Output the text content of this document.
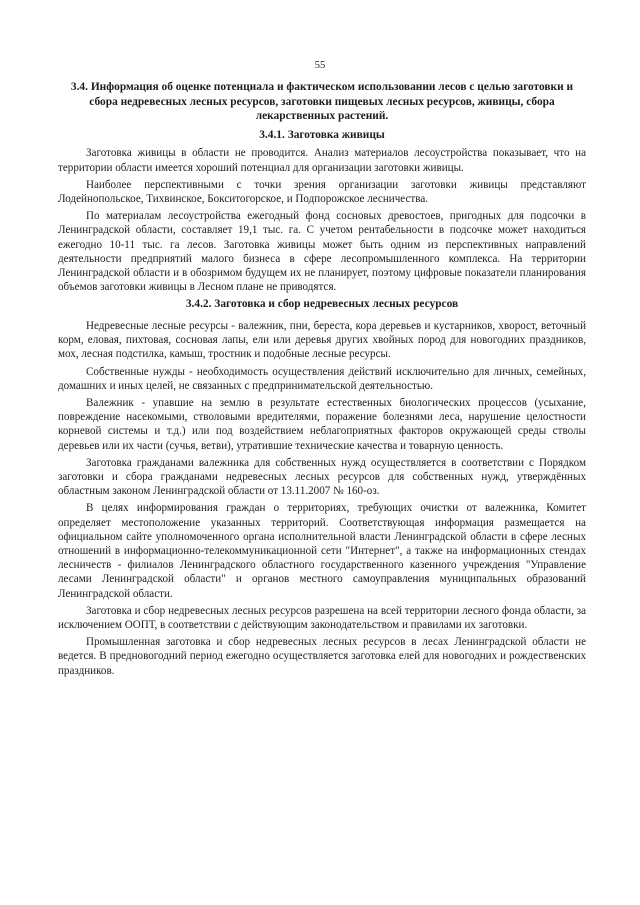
55
3.4. Информация об оценке потенциала и фактическом использовании лесов с целью заготовки и сбора недревесных лесных ресурсов, заготовки пищевых лесных ресурсов, живицы, сбора лекарственных растений.
3.4.1. Заготовка живицы

Заготовка живицы в области не проводится. Анализ материалов лесоустройства показывает, что на территории области имеется хороший потенциал для организации заготовки живицы.

Наиболее перспективными с точки зрения организации заготовки живицы представляют Лодейнопольское, Тихвинское, Бокситогорское, и Подпорожское лесничества.

По материалам лесоустройства ежегодный фонд сосновых древостоев, пригодных для подсочки в Ленинградской области, составляет 19,1 тыс. га. С учетом рентабельности в подсочке может находиться ежегодно 10-11 тыс. га лесов. Заготовка живицы может быть одним из перспективных направлений деятельности предприятий малого бизнеса в сфере лесопромышленного комплекса. На территории Ленинградской области и в обозримом будущем их не планирует, поэтому цифровые показатели планирования объемов заготовки живицы в Лесном плане не приводятся.

3.4.2. Заготовка и сбор недревесных лесных ресурсов

Недревесные лесные ресурсы - валежник, пни, береста, кора деревьев и кустарников, хворост, веточный корм, еловая, пихтовая, сосновая лапы, ели или деревья других хвойных пород для новогодних праздников, мох, лесная подстилка, камыш, тростник и подобные лесные ресурсы.

Собственные нужды - необходимость осуществления действий исключительно для личных, семейных, домашних и иных целей, не связанных с предпринимательской деятельностью.

Валежник - упавшие на землю в результате естественных биологических процессов (усыхание, повреждение насекомыми, стволовыми вредителями, поражение болезнями леса, нарушение целостности корневой системы и т.д.) или под воздействием неблагоприятных факторов окружающей среды стволы деревьев или их части (сучья, ветви), утратившие технические качества и товарную ценность.

Заготовка гражданами валежника для собственных нужд осуществляется в соответствии с Порядком заготовки и сбора гражданами недревесных лесных ресурсов для собственных нужд, утверждённых областным законом Ленинградской области от 13.11.2007 № 160-оз.

В целях информирования граждан о территориях, требующих очистки от валежника, Комитет определяет местоположение указанных территорий. Соответствующая информация размещается на официальном сайте уполномоченного органа исполнительной власти Ленинградской области в сфере лесных отношений в информационно-телекоммуникационной сети "Интернет", а также на информационных стендах лесничеств - филиалов Ленинградского областного государственного казенного учреждения "Управление лесами Ленинградской области" и органов местного самоуправления муниципальных образований Ленинградской области.

Заготовка и сбор недревесных лесных ресурсов разрешена на всей территории лесного фонда области, за исключением ООПТ, в соответствии с действующим законодательством и правилами их заготовки.

Промышленная заготовка и сбор недревесных лесных ресурсов в лесах Ленинградской области не ведется. В предновогодний период ежегодно осуществляется заготовка елей для новогодних и рождественских праздников.
